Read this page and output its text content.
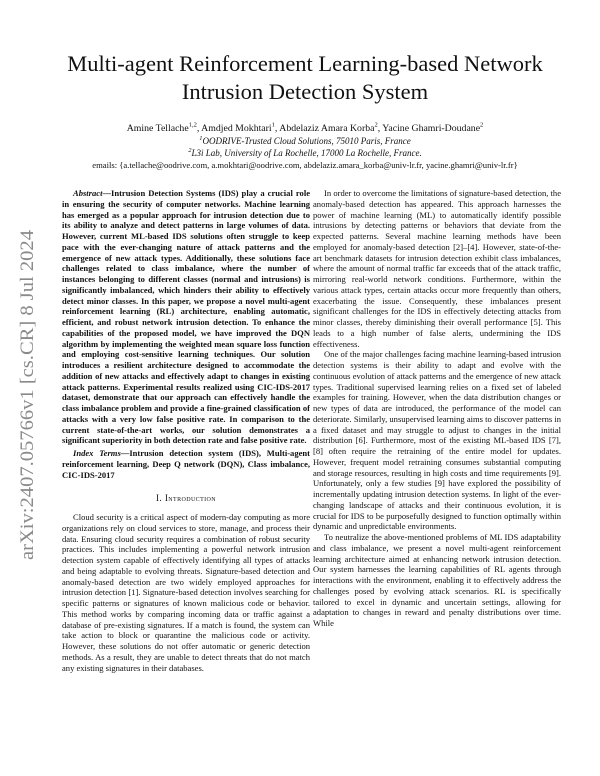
arXiv:2407.05766v1 [cs.CR] 8 Jul 2024
Multi-agent Reinforcement Learning-based Network Intrusion Detection System
Amine Tellache$^{1,2}$, Amdjed Mokhtari$^1$, Abdelaziz Amara Korba$^2$, Yacine Ghamri-Doudane$^2$
$^1$OODRIVE-Trusted Cloud Solutions, 75010 Paris, France
$^2$L3i Lab, University of La Rochelle, 17000 La Rochelle, France.
emails: {a.tellache@oodrive.com, a.mokhtari@oodrive.com, abdelaziz.amara_korba@univ-lr.fr, yacine.ghamri@univ-lr.fr}

Abstract—Intrusion Detection Systems (IDS) play a crucial role in ensuring the security of computer networks. Machine learning has emerged as a popular approach for intrusion detection due to its ability to analyze and detect patterns in large volumes of data. However, current ML-based IDS solutions often struggle to keep pace with the ever-changing nature of attack patterns and the emergence of new attack types. Additionally, these solutions face challenges related to class imbalance, where the number of instances belonging to different classes (normal and intrusions) is significantly imbalanced, which hinders their ability to effectively detect minor classes. In this paper, we propose a novel multi-agent reinforcement learning (RL) architecture, enabling automatic, efficient, and robust network intrusion detection. To enhance the capabilities of the proposed model, we have improved the DQN algorithm by implementing the weighted mean square loss function and employing cost-sensitive learning techniques. Our solution introduces a resilient architecture designed to accommodate the addition of new attacks and effectively adapt to changes in existing attack patterns. Experimental results realized using CIC-IDS-2017 dataset, demonstrate that our approach can effectively handle the class imbalance problem and provide a fine-grained classification of attacks with a very low false positive rate. In comparison to the current state-of-the-art works, our solution demonstrates a significant superiority in both detection rate and false positive rate.

Index Terms—Intrusion detection system (IDS), Multi-agent reinforcement learning, Deep Q network (DQN), Class imbalance, CIC-IDS-2017
I. Introduction

Cloud security is a critical aspect of modern-day computing as more organizations rely on cloud services to store, manage, and process their data. Ensuring cloud security requires a combination of robust security practices. This includes implementing a powerful network intrusion detection system capable of effectively identifying all types of attacks and being adaptable to evolving threats. Signature-based detection and anomaly-based detection are two widely employed approaches for intrusion detection [1]. Signature-based detection involves searching for specific patterns or signatures of known malicious code or behavior. This method works by comparing incoming data or traffic against a database of pre-existing signatures. If a match is found, the system can take action to block or quarantine the malicious code or activity. However, these solutions do not offer automatic or generic detection methods. As a result, they are unable to detect threats that do not match any existing signatures in their databases.

In order to overcome the limitations of signature-based detection, the anomaly-based detection has appeared. This approach harnesses the power of machine learning (ML) to automatically identify possible intrusions by detecting patterns or behaviors that deviate from the expected patterns. Several machine learning methods have been employed for anomaly-based detection [2]–[4]. However, state-of-the-art benchmark datasets for intrusion detection exhibit class imbalances, where the amount of normal traffic far exceeds that of the attack traffic, mirroring real-world network conditions. Furthermore, within the various attack types, certain attacks occur more frequently than others, exacerbating the issue. Consequently, these imbalances present significant challenges for the IDS in effectively detecting attacks from minor classes, thereby diminishing their overall performance [5]. This leads to a high number of false alerts, undermining the IDS effectiveness.

One of the major challenges facing machine learning-based intrusion detection systems is their ability to adapt and evolve with the continuous evolution of attack patterns and the emergence of new attack types. Traditional supervised learning relies on a fixed set of labeled examples for training. However, when the data distribution changes or new types of data are introduced, the performance of the model can deteriorate. Similarly, unsupervised learning aims to discover patterns in a fixed dataset and may struggle to adjust to changes in the initial distribution [6]. Furthermore, most of the existing ML-based IDS [7], [8] often require the retraining of the entire model for updates. However, frequent model retraining consumes substantial computing and storage resources, resulting in high costs and time requirements [9]. Unfortunately, only a few studies [9] have explored the possibility of incrementally updating intrusion detection systems. In light of the ever-changing landscape of attacks and their continuous evolution, it is crucial for IDS to be purposefully designed to function optimally within dynamic and unpredictable environments.

To neutralize the above-mentioned problems of ML IDS adaptability and class imbalance, we present a novel multi-agent reinforcement learning architecture aimed at enhancing network intrusion detection. Our system harnesses the learning capabilities of RL agents through interactions with the environment, enabling it to effectively address the challenges posed by evolving attack scenarios. RL is specifically tailored to excel in dynamic and uncertain settings, allowing for adaptation to changes in reward and penalty distributions over time. While
